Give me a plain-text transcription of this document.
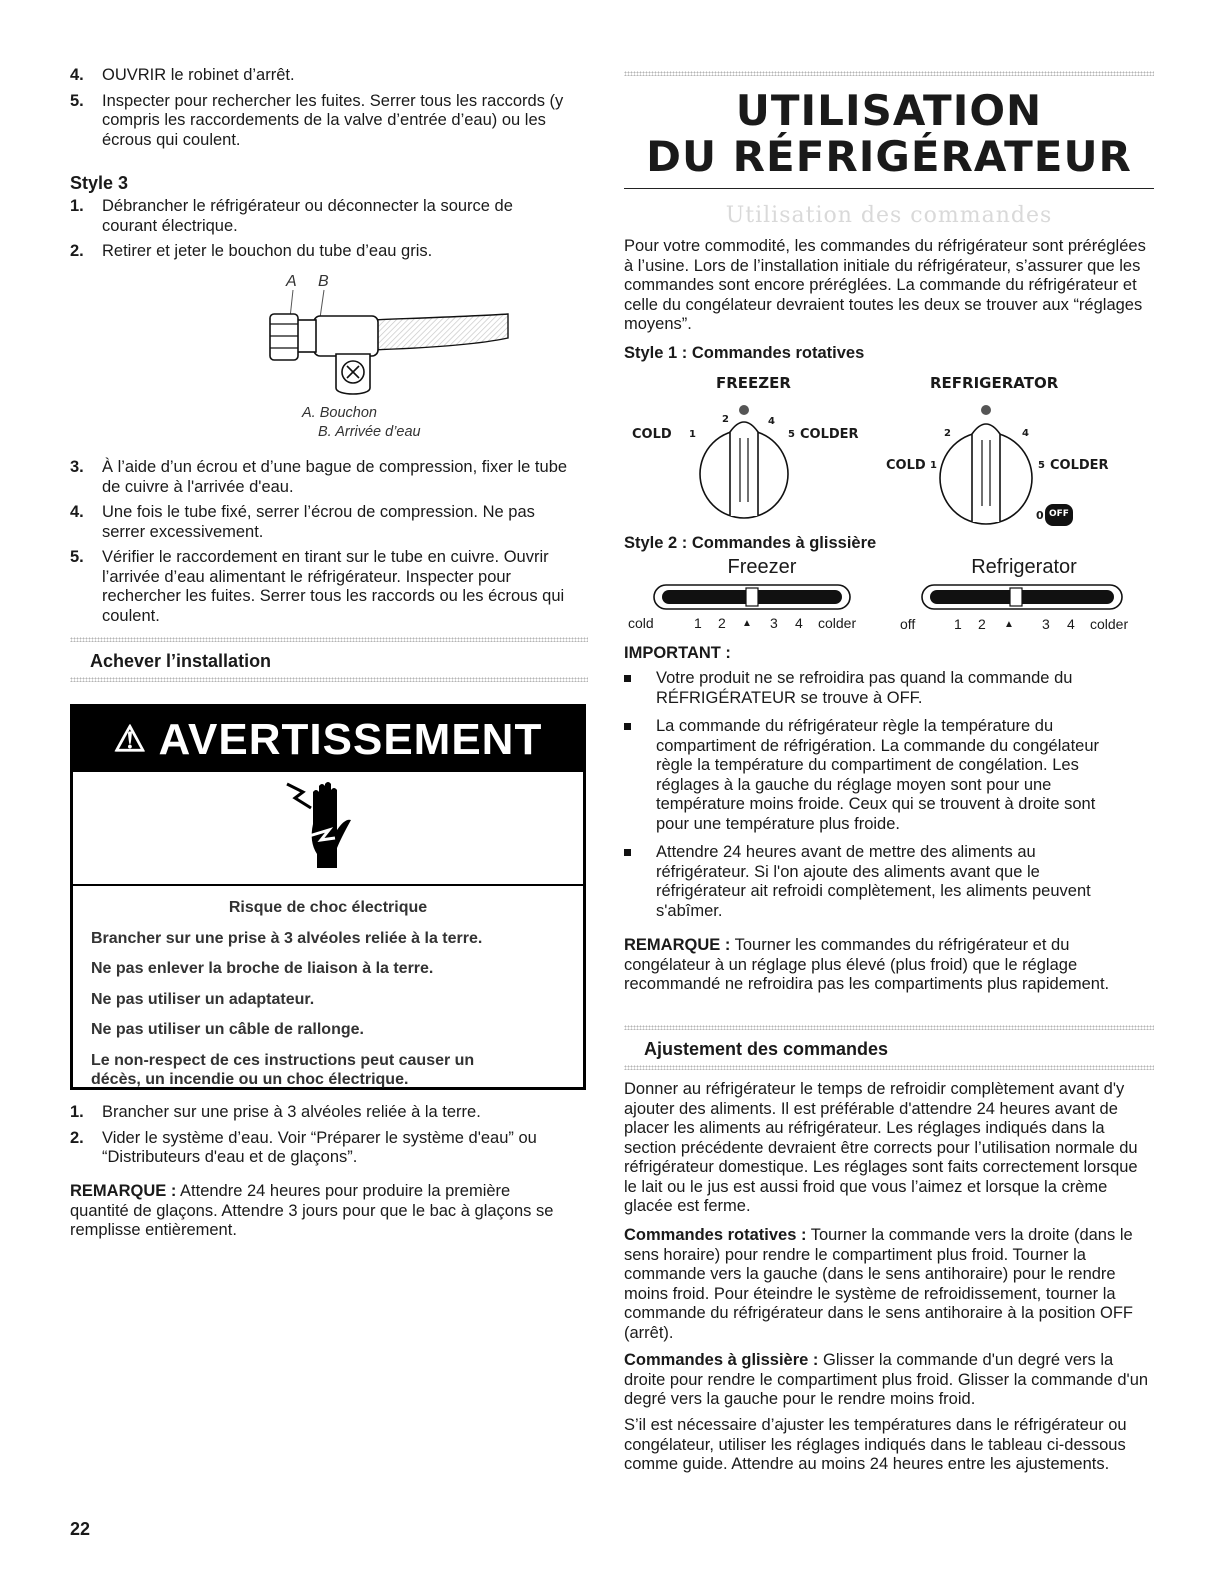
4. OUVRIR le robinet d’arrêt.
5. Inspecter pour rechercher les fuites. Serrer tous les raccords (y compris les raccordements de la valve d’entrée d’eau) ou les écrous qui coulent.
Style 3
1. Débrancher le réfrigérateur ou déconnecter la source de courant électrique.
2. Retirer et jeter le bouchon du tube d’eau gris.
A B
A. Bouchon
B. Arrivée d’eau
3. À l’aide d’un écrou et d’une bague de compression, fixer le tube de cuivre à l'arrivée d'eau.
4. Une fois le tube fixé, serrer l’écrou de compression. Ne pas serrer excessivement.
5. Vérifier le raccordement en tirant sur le tube en cuivre. Ouvrir l’arrivée d’eau alimentant le réfrigérateur. Inspecter pour rechercher les fuites. Serrer tous les raccords ou les écrous qui coulent.
Achever l’installation
⚠ AVERTISSEMENT

Risque de choc électrique

Brancher sur une prise à 3 alvéoles reliée à la terre.

Ne pas enlever la broche de liaison à la terre.

Ne pas utiliser un adaptateur.

Ne pas utiliser un câble de rallonge.

Le non-respect de ces instructions peut causer un décès, un incendie ou un choc électrique.

1. Brancher sur une prise à 3 alvéoles reliée à la terre.
2. Vider le système d’eau. Voir “Préparer le système d'eau” ou “Distributeurs d'eau et de glaçons”.

REMARQUE : Attendre 24 heures pour produire la première quantité de glaçons. Attendre 3 jours pour que le bac à glaçons se remplisse entièrement.

UTILISATION
DU RÉFRIGÉRATEUR
Utilisation des commandes

Pour votre commodité, les commandes du réfrigérateur sont préréglées à l’usine. Lors de l’installation initiale du réfrigérateur, s’assurer que les commandes sont encore préréglées. La commande du réfrigérateur et celle du congélateur devraient toutes les deux se trouver aux “réglages moyens”.

Style 1 : Commandes rotatives
FREEZER	REFRIGERATOR
COLD 1
2	4
5 COLDER
COLD 1
2	4
5 COLDER
0 OFF
Style 2 : Commandes à glissière
Freezer	Refrigerator
cold	1 2 ▲ 3 4 colder	off	1 2 ▲ 3 4 colder
IMPORTANT :
Votre produit ne se refroidira pas quand la commande du RÉFRIGÉRATEUR se trouve à OFF.
La commande du réfrigérateur règle la température du compartiment de réfrigération. La commande du congélateur règle la température du compartiment de congélation. Les réglages à la gauche du réglage moyen sont pour une température moins froide. Ceux qui se trouvent à droite sont pour une température plus froide.
Attendre 24 heures avant de mettre des aliments au réfrigérateur. Si l'on ajoute des aliments avant que le réfrigérateur ait refroidi complètement, les aliments peuvent s'abîmer.

REMARQUE : Tourner les commandes du réfrigérateur et du congélateur à un réglage plus élevé (plus froid) que le réglage recommandé ne refroidira pas les compartiments plus rapidement.

Ajustement des commandes

Donner au réfrigérateur le temps de refroidir complètement avant d'y ajouter des aliments. Il est préférable d'attendre 24 heures avant de placer les aliments au réfrigérateur. Les réglages indiqués dans la section précédente devraient être corrects pour l’utilisation normale du réfrigérateur domestique. Les réglages sont faits correctement lorsque le lait ou le jus est aussi froid que vous l’aimez et lorsque la crème glacée est ferme.

Commandes rotatives : Tourner la commande vers la droite (dans le sens horaire) pour rendre le compartiment plus froid. Tourner la commande vers la gauche (dans le sens antihoraire) pour le rendre moins froid. Pour éteindre le système de refroidissement, tourner la commande du réfrigérateur dans le sens antihoraire à la position OFF (arrêt).

Commandes à glissière : Glisser la commande d'un degré vers la droite pour rendre le compartiment plus froid. Glisser la commande d'un degré vers la gauche pour le rendre moins froid.

S’il est nécessaire d’ajuster les températures dans le réfrigérateur ou congélateur, utiliser les réglages indiqués dans le tableau ci-dessous comme guide. Attendre au moins 24 heures entre les ajustements.

22
